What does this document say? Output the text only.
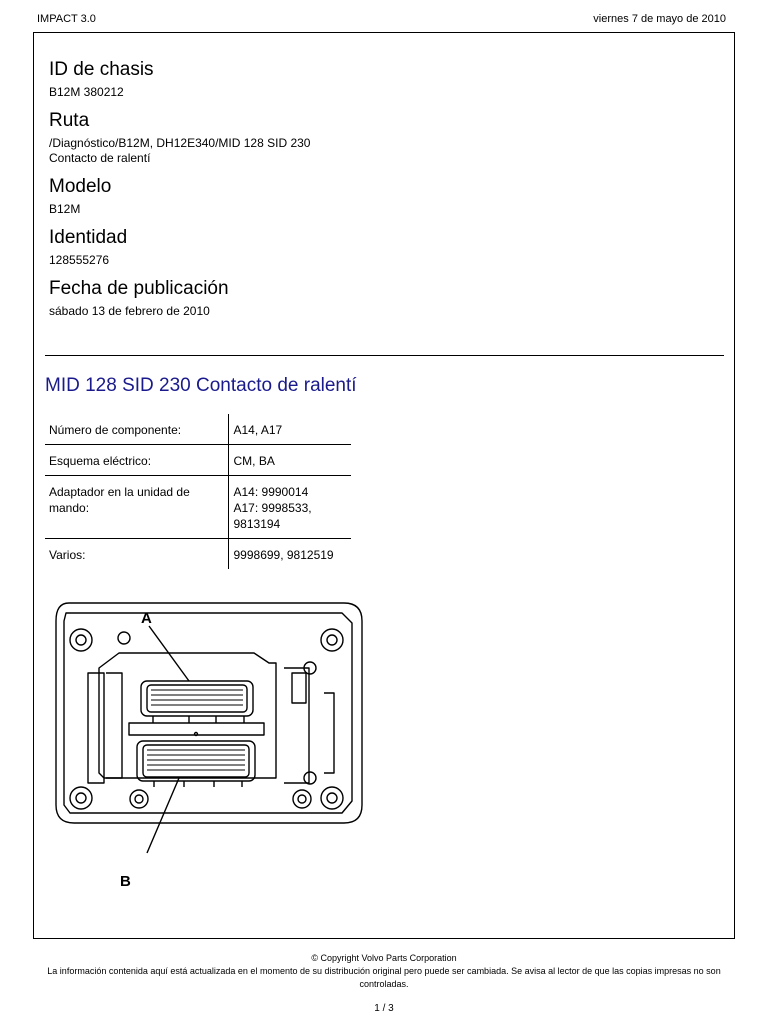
IMPACT 3.0	viernes 7 de mayo de 2010
ID de chasis
B12M 380212
Ruta
/Diagnóstico/B12M, DH12E340/MID 128 SID 230
Contacto de ralentí
Modelo
B12M
Identidad
128555276
Fecha de publicación
sábado 13 de febrero de 2010
MID 128 SID 230 Contacto de ralentí
Número de componente:	A14, A17
Esquema eléctrico:	CM, BA
Adaptador en la unidad de mando:	A14: 9990014
A17: 9998533,
9813194

Varios:	9998699, 9812519
A
B
© Copyright Volvo Parts Corporation
La información contenida aquí está actualizada en el momento de su distribución original pero puede ser cambiada. Se avisa al lector de que las copias impresas no son controladas.
1 / 3
